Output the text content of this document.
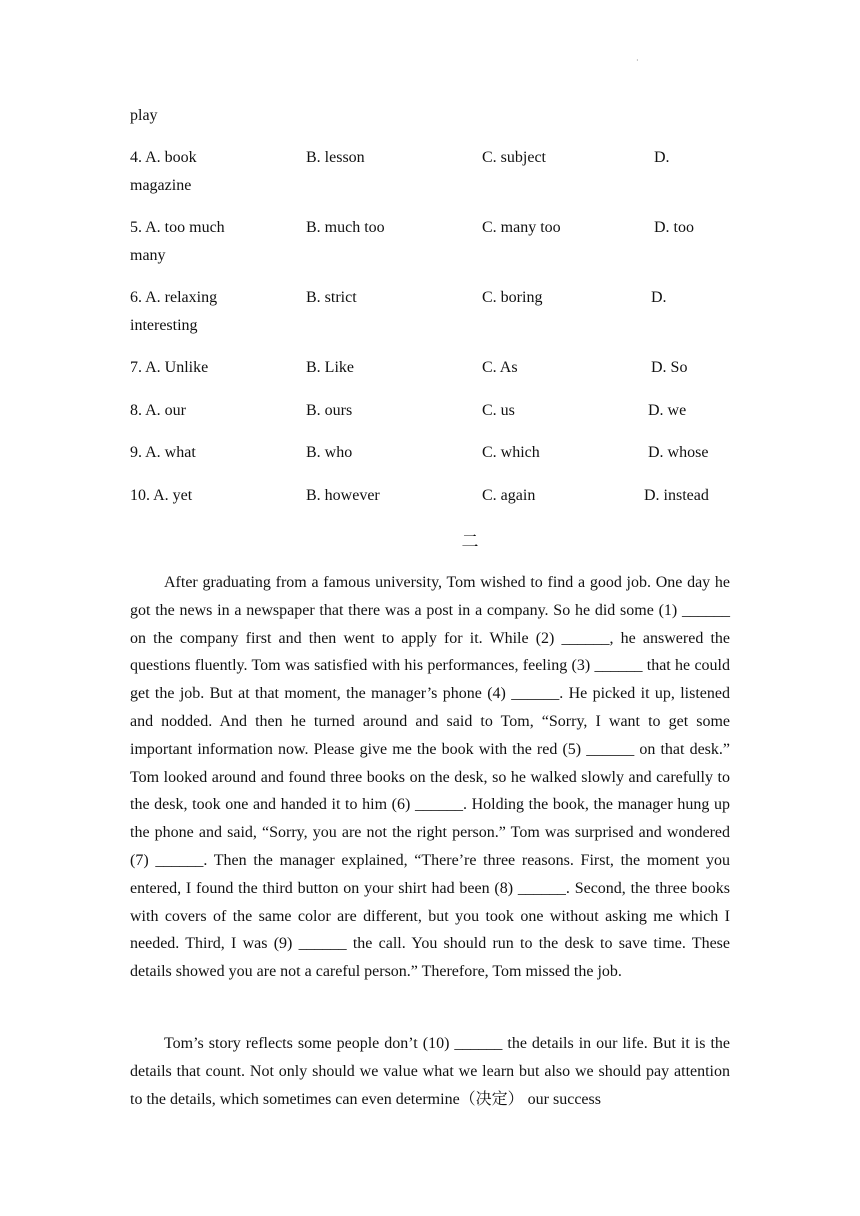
·
play
4. A. book	B. lesson	C. subject	D.
magazine
5. A. too much	B. much too	C. many too	D. too
many
6. A. relaxing	B. strict	C. boring	D.
interesting
7. A. Unlike	B. Like	C. As	D. So
8. A. our	B. ours	C. us	D. we
9. A. what	B. who	C. which	D. whose
10. A. yet	B. however	C. again	D. instead
二

After graduating from a famous university, Tom wished to find a good job. One day he got the news in a newspaper that there was a post in a company. So he did some (1) ______ on the company first and then went to apply for it. While (2) ______, he answered the questions fluently. Tom was satisfied with his performances, feeling (3) ______ that he could get the job. But at that moment, the manager’s phone (4) ______. He picked it up, listened and nodded. And then he turned around and said to Tom, “Sorry, I want to get some important information now. Please give me the book with the red (5) ______ on that desk.” Tom looked around and found three books on the desk, so he walked slowly and carefully to the desk, took one and handed it to him (6) ______. Holding the book, the manager hung up the phone and said, “Sorry, you are not the right person.” Tom was surprised and wondered (7) ______. Then the manager explained, “There’re three reasons. First, the moment you entered, I found the third button on your shirt had been (8) ______. Second, the three books with covers of the same color are different, but you took one without asking me which I needed. Third, I was (9) ______ the call. You should run to the desk to save time. These details showed you are not a careful person.” Therefore, Tom missed the job.

Tom’s story reflects some people don’t (10) ______ the details in our life. But it is the details that count. Not only should we value what we learn but also we should pay attention to the details, which sometimes can even determine（决定） our success
